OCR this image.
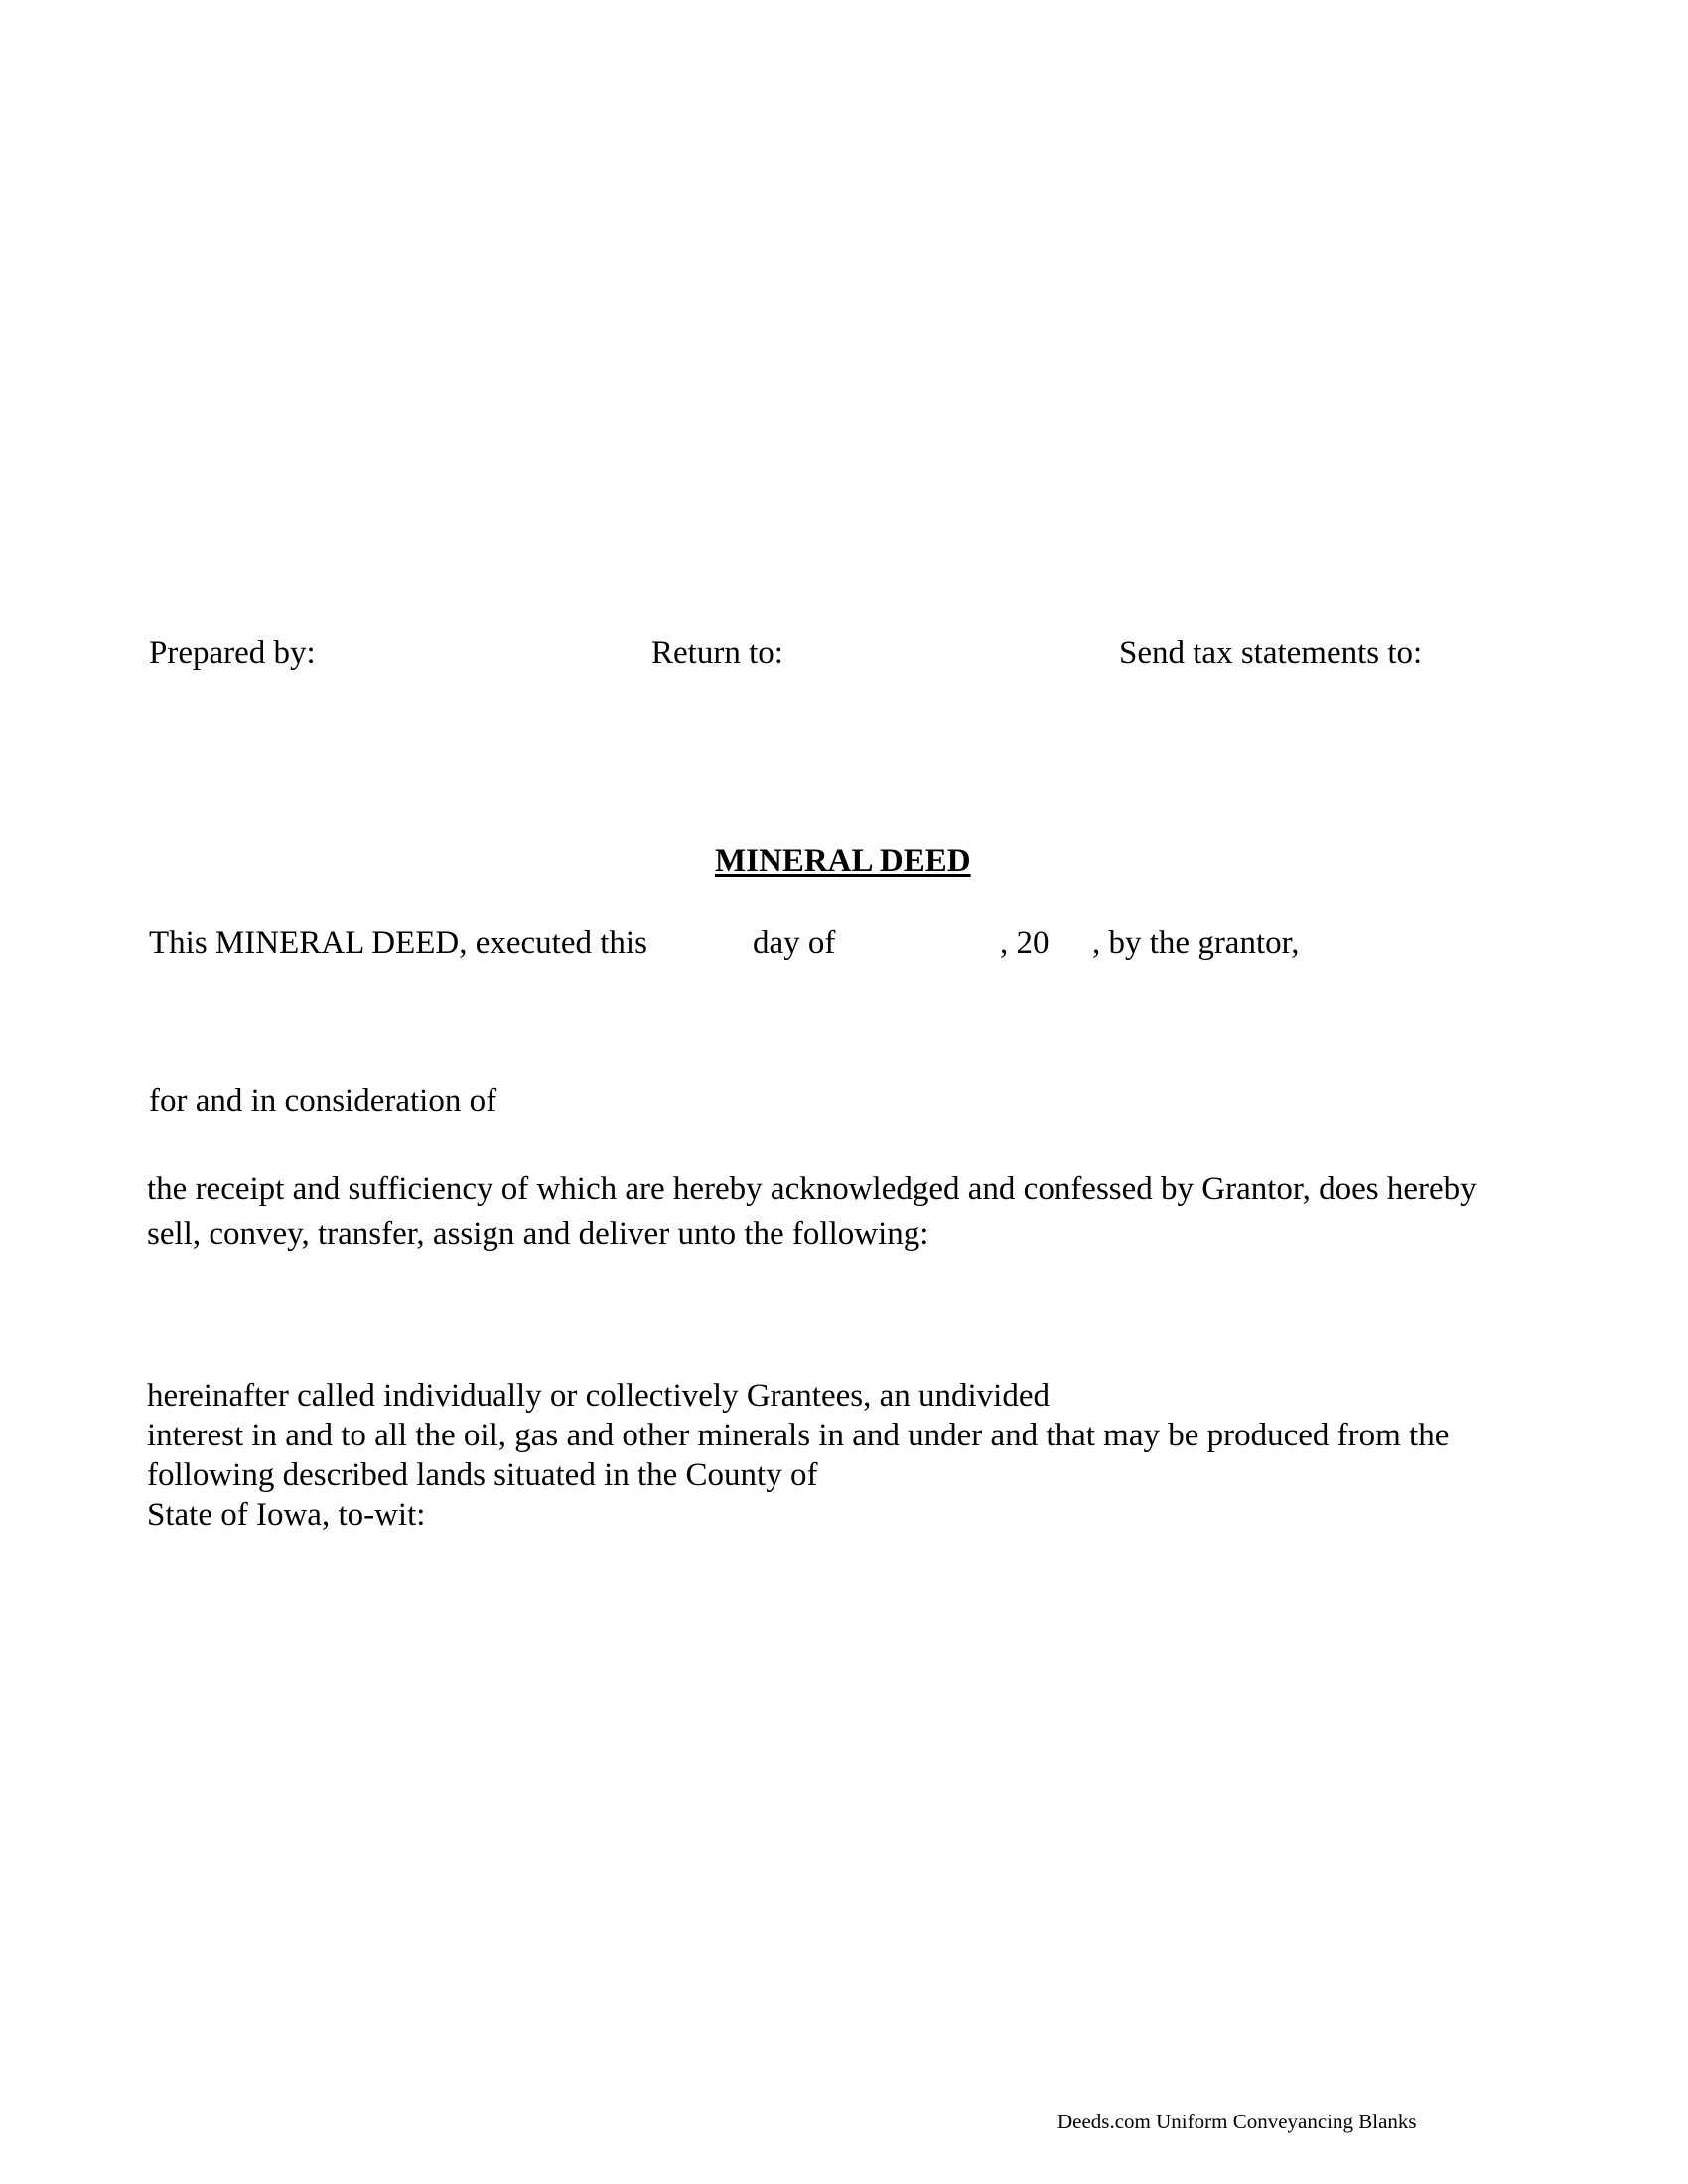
Prepared by:	Return to:	Send tax statements to:
MINERAL DEED
This MINERAL DEED, executed this	day of	, 20 , by the grantor,
for and in consideration of
the receipt and sufficiency of which are hereby acknowledged and confessed by Grantor, does hereby
sell, convey, transfer, assign and deliver unto the following:
hereinafter called individually or collectively Grantees, an undivided
interest in and to all the oil, gas and other minerals in and under and that may be produced from the
following described lands situated in the County of
State of Iowa, to-wit:
Deeds.com Uniform Conveyancing Blanks
